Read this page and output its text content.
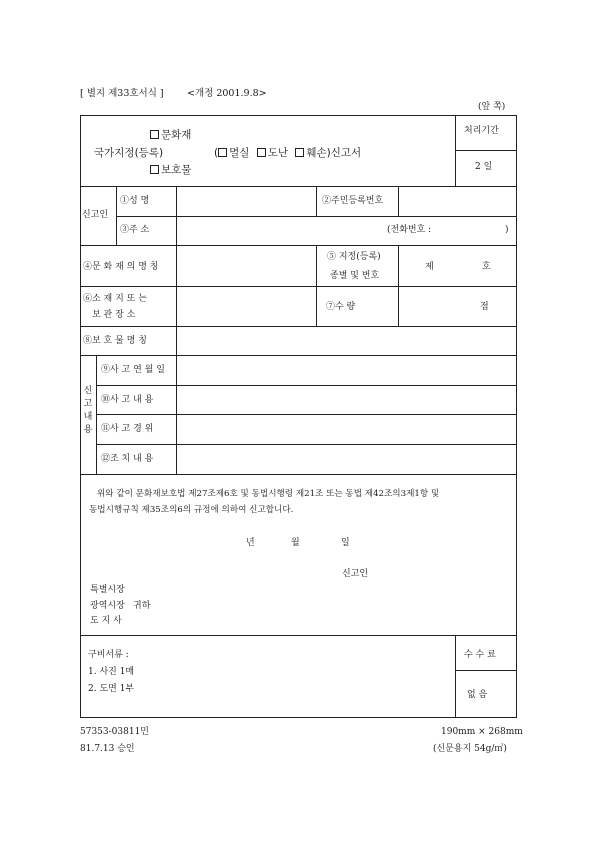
[ 별지 제33호서식 ] <개정 2001.9.8>
(앞 쪽)
문화재
국가지정(등록)
보호물
( 멸실 도난 훼손)신고서
처리기간
2 일
신고인
①성 명	②주민등록번호
③주 소	(전화번호 :	)
④문 화 재 의 명 칭
⑤ 지정(등록)
종별 및 번호
제	호
⑥소 재 지 또 는
보 관 장 소
⑦수 량	점
⑧보 호 물 명 칭
신고내용
⑨사 고 연 월 일
⑩사 고 내 용
⑪사 고 경 위
⑫조 치 내 용
위와 같이 문화재보호법 제27조제6호 및 동법시행령 제21조 또는 동법 제42조의3제1항 및
동법시행규칙 제35조의6의 규정에 의하여 신고합니다.
년	월	일
신고인
특별시장
광역시장 귀하
도 지 사
구비서류 :
1. 사진 1매
2. 도면 1부
수 수 료
없 음
57353-03811민
81.7.13 승인
190mm × 268mm
(신문용지 54g/㎡)
